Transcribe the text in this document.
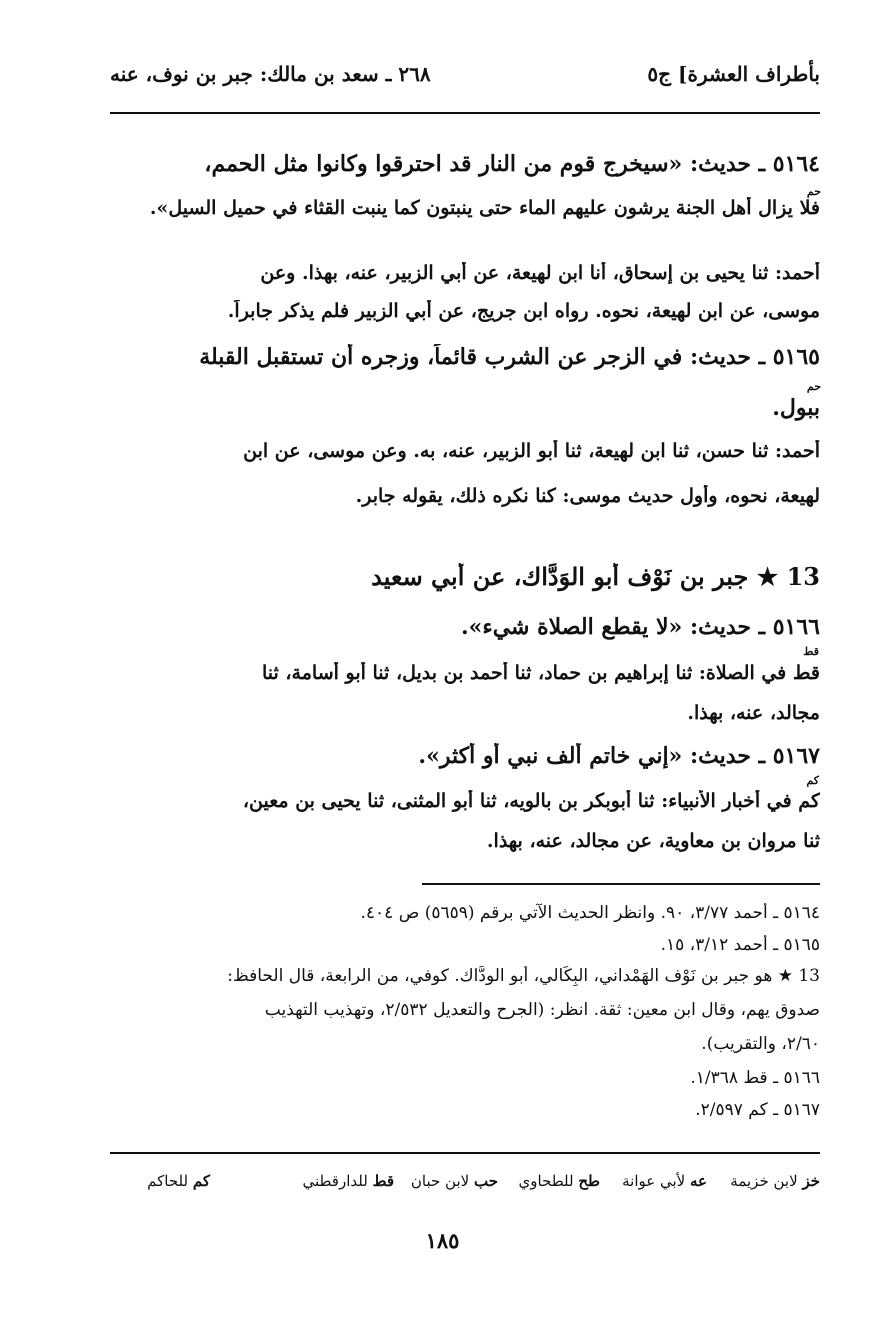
بأطراف العشرة] ج٥
٢٦٨ ـ سعد بن مالك: جبر بن نوف، عنه
٥١٦٤ ـ حديث: «سيخرج قوم من النار قد احترقوا وكانوا مثل الحمم،
حم
فلا يزال أهل الجنة يرشون عليهم الماء حتى ينبتون كما ينبت القثاء في حميل السيل».
أحمد: ثنا يحيى بن إسحاق، أنا ابن لهيعة، عن أبي الزبير، عنه، بهذا. وعن
موسى، عن ابن لهيعة، نحوه. رواه ابن جريج، عن أبي الزبير فلم يذكر جابراً.
٥١٦٥ ـ حديث: في الزجر عن الشرب قائماً، وزجره أن تستقبل القبلة
حم
ببول.
أحمد: ثنا حسن، ثنا ابن لهيعة، ثنا أبو الزبير، عنه، به. وعن موسى، عن ابن
لهيعة، نحوه، وأول حديث موسى: كنا نكره ذلك، يقوله جابر.
13 ★ جبر بن نَوْف أبو الوَدَّاك، عن أبي سعيد
٥١٦٦ ـ حديث: «لا يقطع الصلاة شيء».
قط
قط في الصلاة: ثنا إبراهيم بن حماد، ثنا أحمد بن بديل، ثنا أبو أسامة، ثنا
مجالد، عنه، بهذا.
٥١٦٧ ـ حديث: «إني خاتم ألف نبي أو أكثر».
كم
كم في أخبار الأنبياء: ثنا أبوبكر بن بالويه، ثنا أبو المثنى، ثنا يحيى بن معين،
ثنا مروان بن معاوية، عن مجالد، عنه، بهذا.
٥١٦٤ ـ أحمد ٣/٧٧، ٩٠. وانظر الحديث الآتي برقم (٥٦٥٩) ص ٤٠٤.
٥١٦٥ ـ أحمد ٣/١٢، ١٥.
13 ★ هو جبر بن نَوْف الهَمْداني، البِكَالي، أبو الودَّاك. كوفي، من الرابعة، قال الحافظ:
صدوق يهم، وقال ابن معين: ثقة. انظر: (الجرح والتعديل ٢/٥٣٢، وتهذيب التهذيب
٢/٦٠، والتقريب).
٥١٦٦ ـ قط ١/٣٦٨.
٥١٦٧ ـ كم ٢/٥٩٧.
خز لابن خزيمة
عه لأبي عوانة
طح للطحاوي
حب لابن حبان
قط للدارقطني
كم للحاكم
١٨٥
